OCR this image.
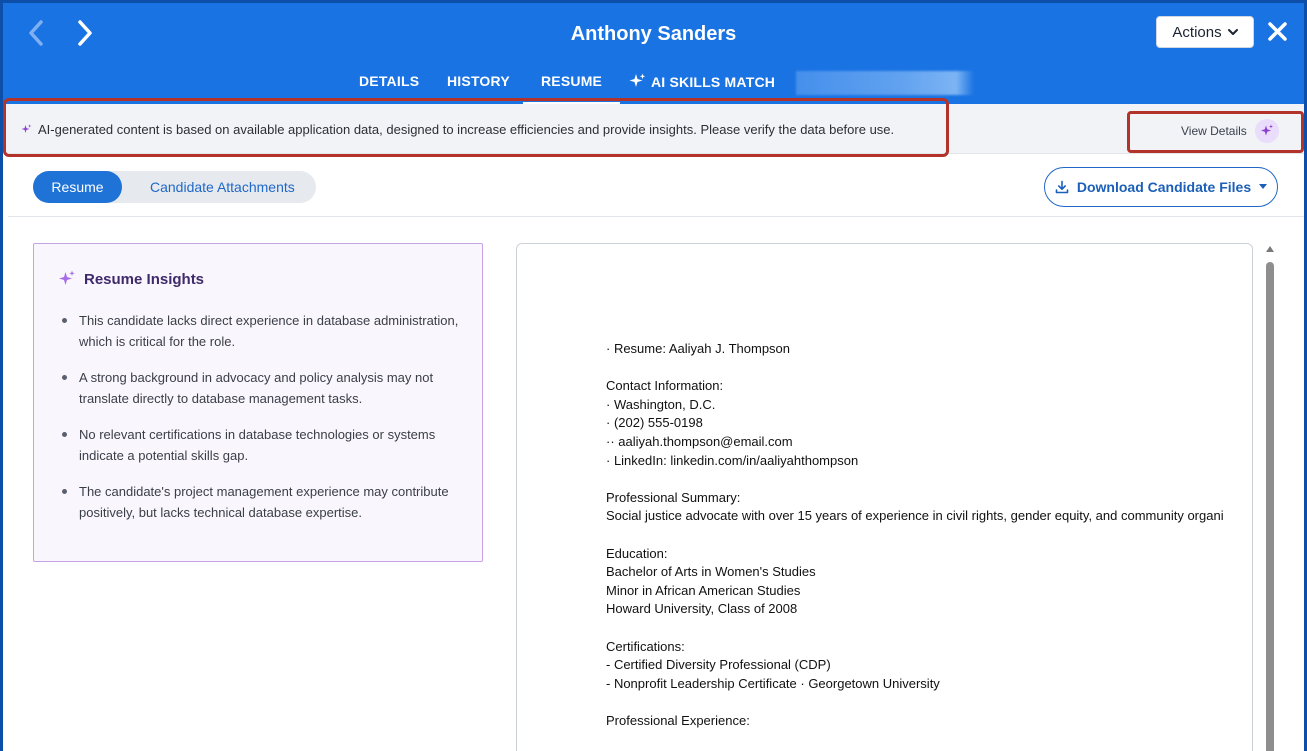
Anthony Sanders	Actions
DETAILS HISTORY RESUME	AI SKILLS MATCH
AI-generated content is based on available application data, designed to increase efficiencies and provide insights. Please verify the data before use.	View Details
Resume	Candidate Attachments	Download Candidate Files
Resume Insights
This candidate lacks direct experience in database administration, which is critical for the role.
A strong background in advocacy and policy analysis may not translate directly to database management tasks.
No relevant certifications in database technologies or systems indicate a potential skills gap.
The candidate's project management experience may contribute positively, but lacks technical database expertise.
· Resume: Aaliyah J. Thompson

Contact Information:
· Washington, D.C.
· (202) 555-0198
·· aaliyah.thompson@email.com
· LinkedIn: linkedin.com/in/aaliyahthompson

Professional Summary:
Social justice advocate with over 15 years of experience in civil rights, gender equity, and community organi

Education:
Bachelor of Arts in Women's Studies
Minor in African American Studies
Howard University, Class of 2008

Certifications:
- Certified Diversity Professional (CDP)
- Nonprofit Leadership Certificate · Georgetown University

Professional Experience:
